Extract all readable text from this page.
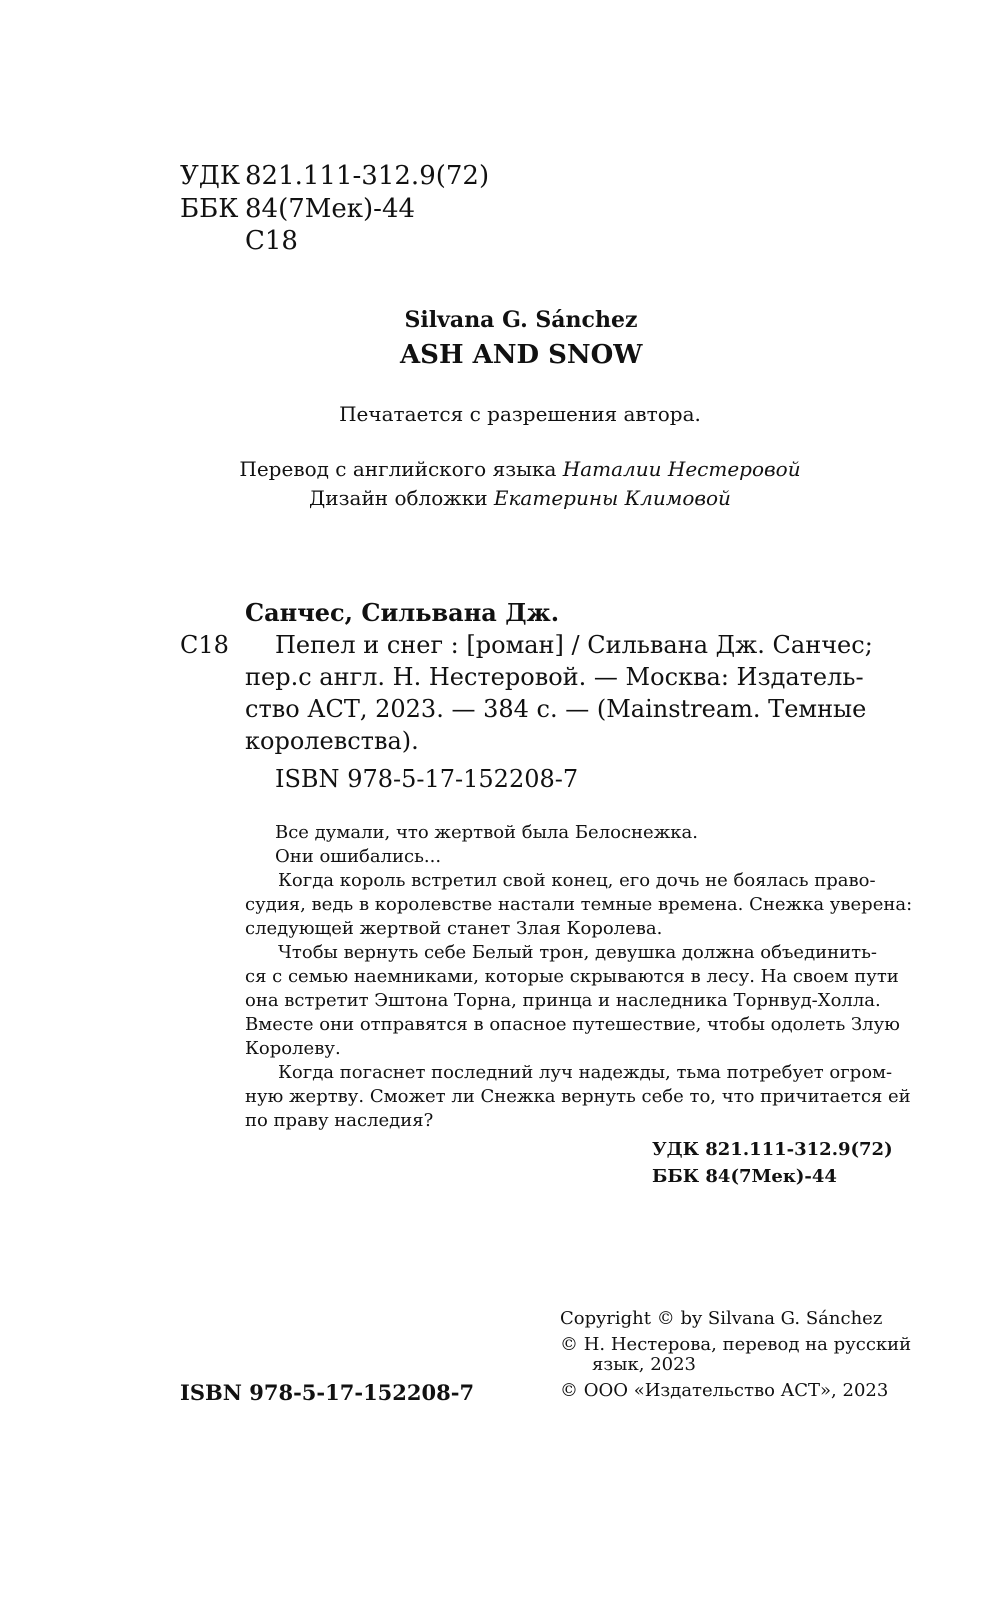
УДК 821.111-312.9(72)
ББК 84(7Мек)-44
С18
Silvana G. Sánchez
ASH AND SNOW
Печатается с разрешения автора.
Перевод с английского языка Наталии Нестеровой
Дизайн обложки Екатерины Климовой
Санчес, Сильвана Дж.
С18 Пепел и снег : [роман] / Сильвана Дж. Санчес;
пер.с англ. Н. Нестеровой. — Москва: Издатель-
ство АСТ, 2023. — 384 с. — (Mainstream. Темные
королевства).
ISBN 978-5-17-152208-7
Все думали, что жертвой была Белоснежка.
Они ошибались...
Когда король встретил свой конец, его дочь не боялась право-
судия, ведь в королевстве настали темные времена. Снежка уверена:
следующей жертвой станет Злая Королева.
Чтобы вернуть себе Белый трон, девушка должна объединить-
ся с семью наемниками, которые скрываются в лесу. На своем пути
она встретит Эштона Торна, принца и наследника Торнвуд-Холла.
Вместе они отправятся в опасное путешествие, чтобы одолеть Злую
Королеву.
Когда погаснет последний луч надежды, тьма потребует огром-
ную жертву. Сможет ли Снежка вернуть себе то, что причитается ей
по праву наследия?
УДК 821.111-312.9(72)
ББК 84(7Мек)-44
Copyright © by Silvana G. Sánchez
© Н. Нестерова, перевод на русский
язык, 2023
© ООО «Издательство АСТ», 2023
ISBN 978-5-17-152208-7
